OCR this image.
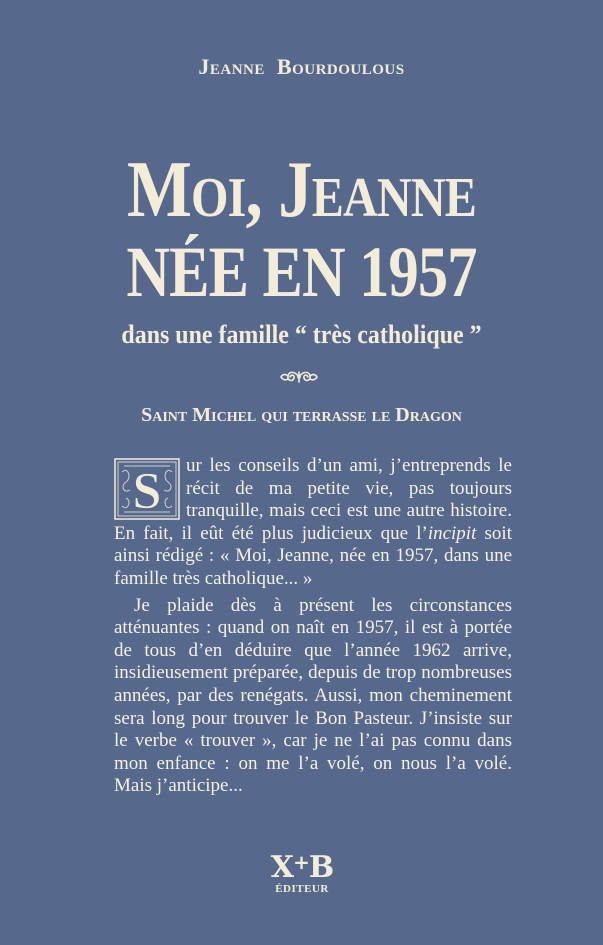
Jeanne Bourdoulous
Moi, Jeanne
NÉE EN 1957
dans une famille “ très catholique ”
Saint Michel qui terrasse le Dragon
S	ur les conseils d’un ami, j’entreprends le récit de ma petite vie, pas toujours tranquille, mais ceci est une autre histoire. En fait, il eût été plus judicieux que l’incipit soit ainsi rédigé : « Moi, Jeanne, née en 1957, dans une famille très catholique... »

Je plaide dès à présent les circonstances atténuantes : quand on naît en 1957, il est à portée de tous d’en déduire que l’année 1962 arrive, insidieusement préparée, depuis de trop nombreuses années, par des renégats. Aussi, mon cheminement sera long pour trouver le Bon Pasteur. J’insiste sur le verbe « trouver », car je ne l’ai pas connu dans mon enfance : on me l’a volé, on nous l’a volé. Mais j’anticipe...

X+B
ÉDITEUR
